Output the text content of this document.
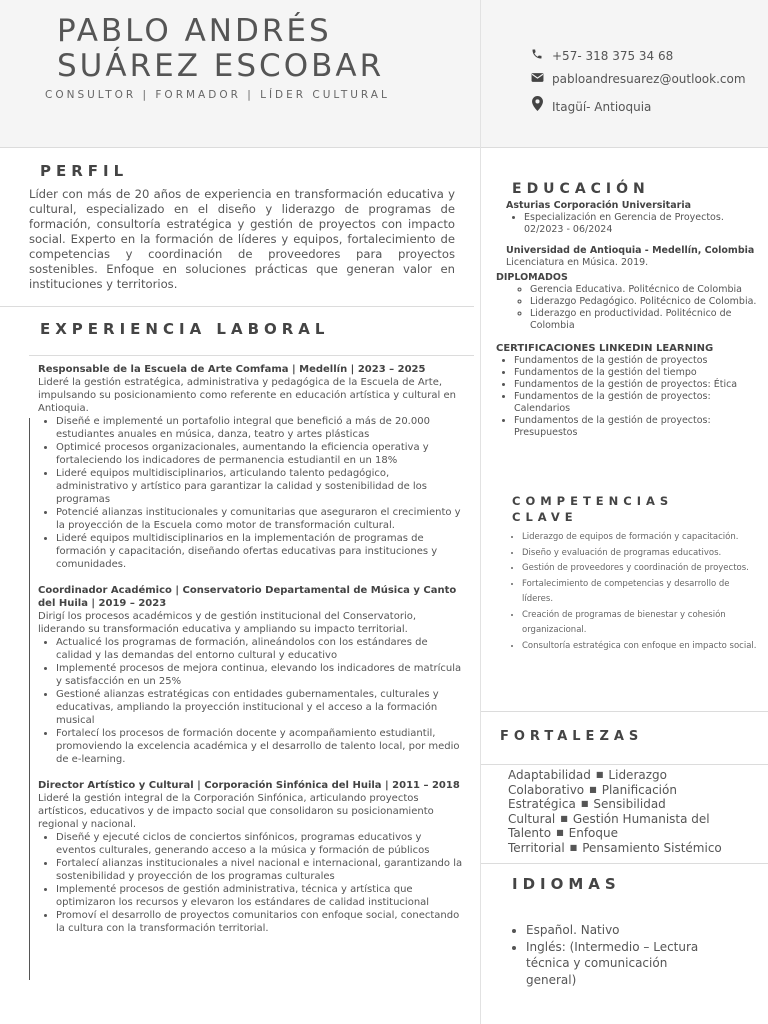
PABLO ANDRÉS
SUÁREZ ESCOBAR
CONSULTOR | FORMADOR | LÍDER CULTURAL
+57- 318 375 34 68
pabloandresuarez@outlook.com
Itagüí- Antioquia
PERFIL
Líder con más de 20 años de experiencia en transformación educativa y cultural, especializado en el diseño y liderazgo de programas de formación, consultoría estratégica y gestión de proyectos con impacto social. Experto en la formación de líderes y equipos, fortalecimiento de competencias y coordinación de proveedores para proyectos sostenibles. Enfoque en soluciones prácticas que generan valor en instituciones y territorios.
EXPERIENCIA LABORAL
Responsable de la Escuela de Arte Comfama | Medellín | 2023 – 2025
Lideré la gestión estratégica, administrativa y pedagógica de la Escuela de Arte, impulsando su posicionamiento como referente en educación artística y cultural en Antioquia.
• Diseñé e implementé un portafolio integral que benefició a más de 20.000 estudiantes anuales en música, danza, teatro y artes plásticas
• Optimicé procesos organizacionales, aumentando la eficiencia operativa y fortaleciendo los indicadores de permanencia estudiantil en un 18%
• Lideré equipos multidisciplinarios, articulando talento pedagógico, administrativo y artístico para garantizar la calidad y sostenibilidad de los programas
• Potencié alianzas institucionales y comunitarias que aseguraron el crecimiento y la proyección de la Escuela como motor de transformación cultural.
• Lideré equipos multidisciplinarios en la implementación de programas de formación y capacitación, diseñando ofertas educativas para instituciones y comunidades.
Coordinador Académico | Conservatorio Departamental de Música y Canto del Huila | 2019 – 2023
Dirigí los procesos académicos y de gestión institucional del Conservatorio, liderando su transformación educativa y ampliando su impacto territorial.
• Actualicé los programas de formación, alineándolos con los estándares de calidad y las demandas del entorno cultural y educativo
• Implementé procesos de mejora continua, elevando los indicadores de matrícula y satisfacción en un 25%
• Gestioné alianzas estratégicas con entidades gubernamentales, culturales y educativas, ampliando la proyección institucional y el acceso a la formación musical
• Fortalecí los procesos de formación docente y acompañamiento estudiantil, promoviendo la excelencia académica y el desarrollo de talento local, por medio de e-learning.
Director Artístico y Cultural | Corporación Sinfónica del Huila | 2011 – 2018
Lideré la gestión integral de la Corporación Sinfónica, articulando proyectos artísticos, educativos y de impacto social que consolidaron su posicionamiento regional y nacional.
• Diseñé y ejecuté ciclos de conciertos sinfónicos, programas educativos y eventos culturales, generando acceso a la música y formación de públicos
• Fortalecí alianzas institucionales a nivel nacional e internacional, garantizando la sostenibilidad y proyección de los programas culturales
• Implementé procesos de gestión administrativa, técnica y artística que optimizaron los recursos y elevaron los estándares de calidad institucional
• Promoví el desarrollo de proyectos comunitarios con enfoque social, conectando la cultura con la transformación territorial.
EDUCACIÓN
Asturias Corporación Universitaria
• Especialización en Gerencia de Proyectos. 02/2023 - 06/2024
Universidad de Antioquia - Medellín, Colombia
Licenciatura en Música. 2019.
DIPLOMADOS
◦ Gerencia Educativa. Politécnico de Colombia
◦ Liderazgo Pedagógico. Politécnico de Colombia.
◦ Liderazgo en productividad. Politécnico de Colombia
CERTIFICACIONES LINKEDIN LEARNING
• Fundamentos de la gestión de proyectos
• Fundamentos de la gestión del tiempo
• Fundamentos de la gestión de proyectos: Ética
• Fundamentos de la gestión de proyectos: Calendarios
• Fundamentos de la gestión de proyectos: Presupuestos
COMPETENCIAS
CLAVE
• Liderazgo de equipos de formación y capacitación.
• Diseño y evaluación de programas educativos.
• Gestión de proveedores y coordinación de proyectos.
• Fortalecimiento de competencias y desarrollo de líderes.
• Creación de programas de bienestar y cohesión organizacional.
• Consultoría estratégica con enfoque en impacto social.
FORTALEZAS
Adaptabilidad ■ Liderazgo Colaborativo ■ Planificación Estratégica ■ Sensibilidad Cultural ■ Gestión Humanista del Talento ■ Enfoque Territorial ■ Pensamiento Sistémico
IDIOMAS
• Español. Nativo
• Inglés: (Intermedio – Lectura técnica y comunicación general)
